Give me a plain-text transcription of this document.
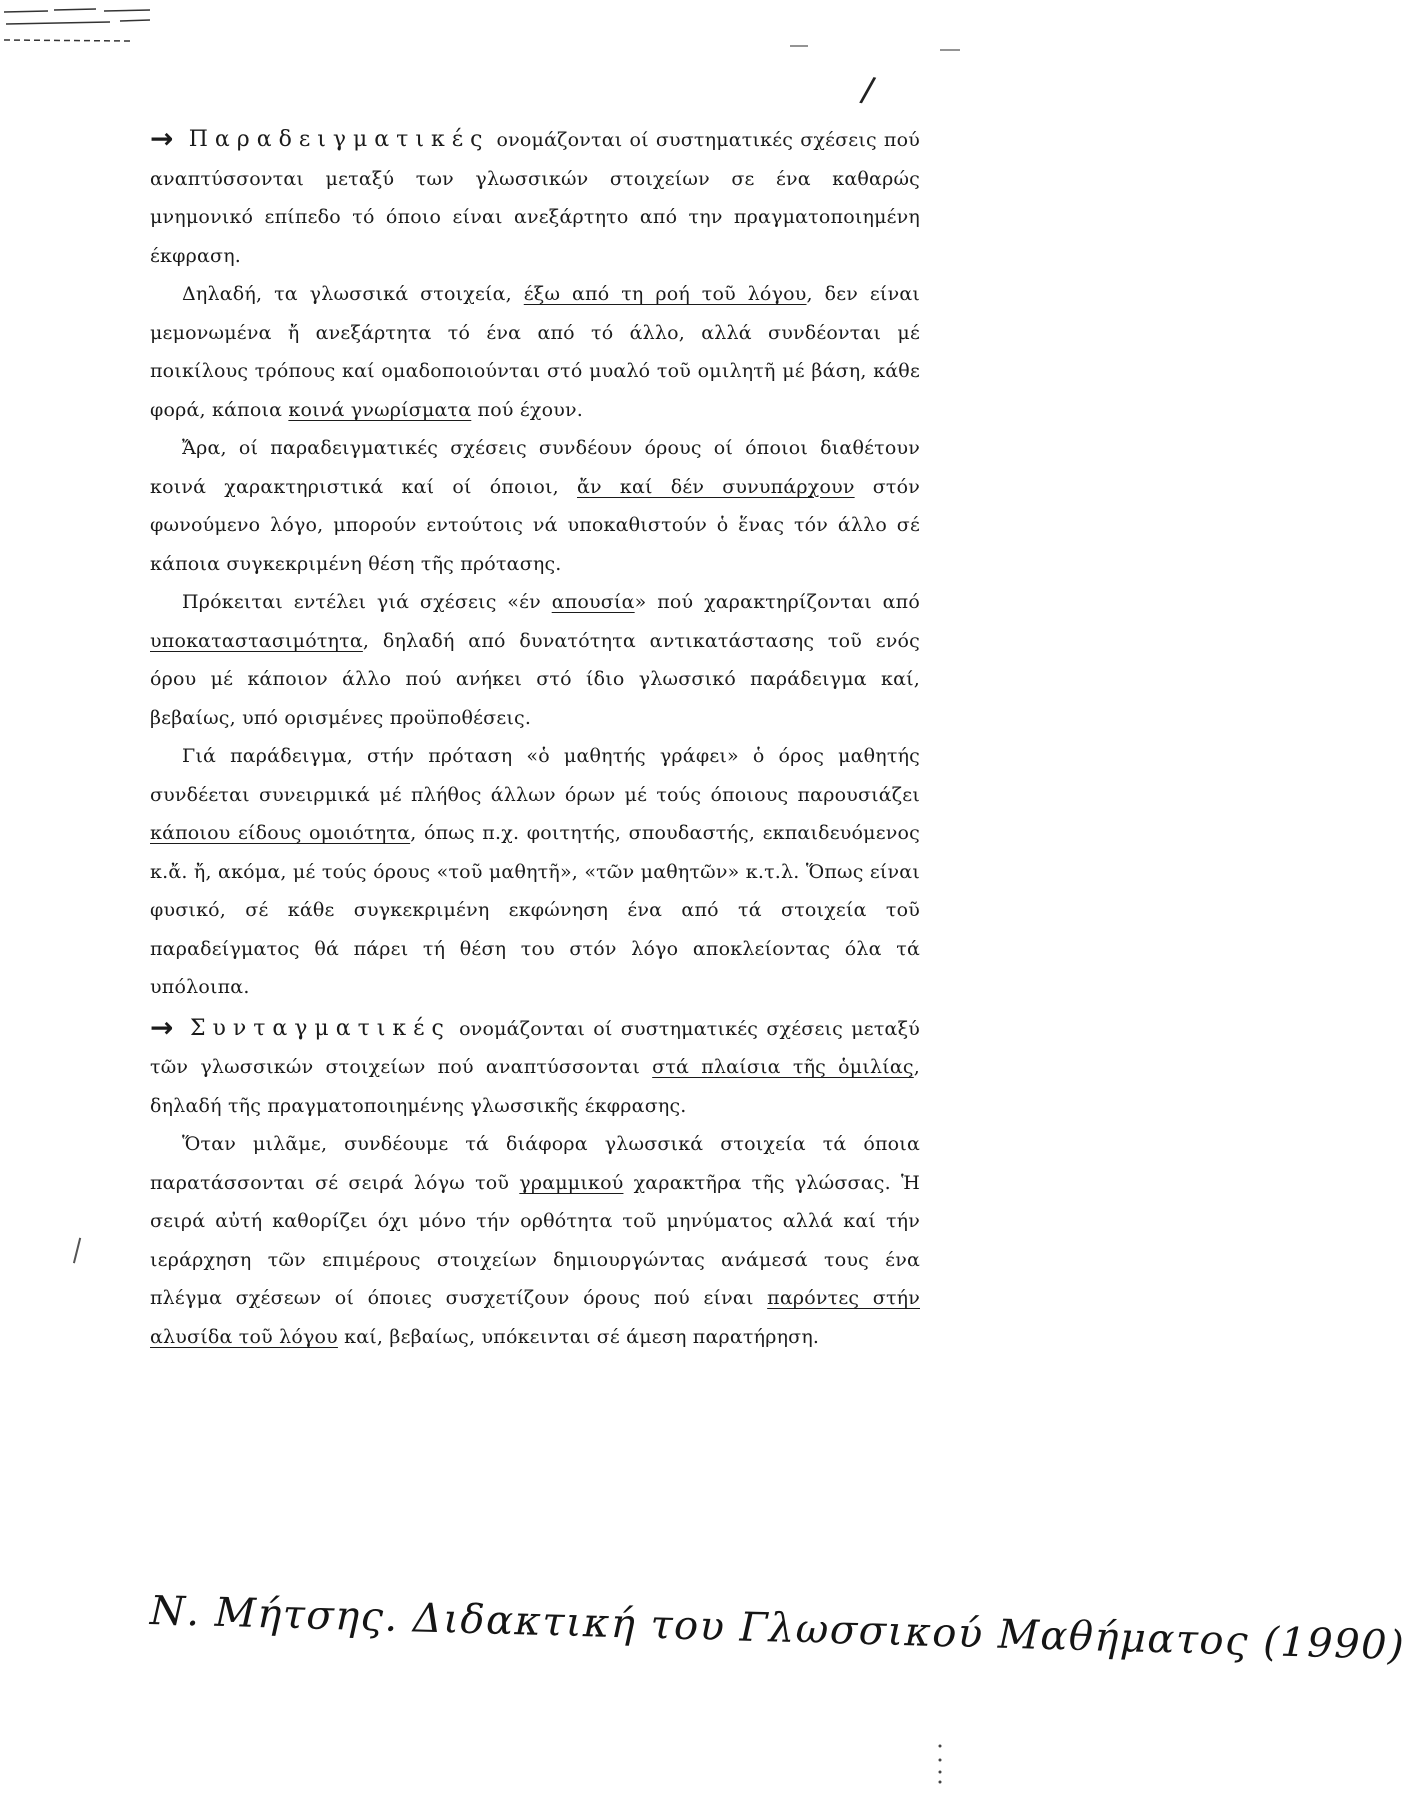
/

→ Παραδειγματικές ονομάζονται οί συστηματικές σχέσεις πού αναπτύσσονται μεταξύ των γλωσσικών στοιχείων σε ένα καθαρώς μνημονικό επίπεδο τό όποιο είναι ανεξάρτητο από την πραγματοποιημένη έκφραση.

Δηλαδή, τα γλωσσικά στοιχεία, έξω από τη ροή τοῦ λόγου, δεν είναι μεμονωμένα ἤ ανεξάρτητα τό ένα από τό άλλο, αλλά συνδέονται μέ ποικίλους τρόπους καί ομαδοποιούνται στό μυαλό τοῦ ομιλητῆ μέ βάση, κάθε φορά, κάποια κοινά γνωρίσματα πού έχουν.

Ἄρα, οί παραδειγματικές σχέσεις συνδέουν όρους οί όποιοι διαθέτουν κοινά χαρακτηριστικά καί οί όποιοι, ἄν καί δέν συνυπάρχουν στόν φωνούμενο λόγο, μπορούν εντούτοις νά υποκαθιστούν ὁ ἕνας τόν άλλο σέ κάποια συγκεκριμένη θέση τῆς πρότασης.

Πρόκειται εντέλει γιά σχέσεις «έν απουσία» πού χαρακτηρίζονται από υποκαταστασιμότητα, δηλαδή από δυνατότητα αντικατάστασης τοῦ ενός όρου μέ κάποιον άλλο πού ανήκει στό ίδιο γλωσσικό παράδειγμα καί, βεβαίως, υπό ορισμένες προϋποθέσεις.

Γιά παράδειγμα, στήν πρόταση «ὁ μαθητής γράφει» ὁ όρος μαθητής συνδέεται συνειρμικά μέ πλήθος άλλων όρων μέ τούς όποιους παρουσιάζει κάποιου είδους ομοιότητα, όπως π.χ. φοιτητής, σπουδαστής, εκπαιδευόμενος κ.ἄ. ἤ, ακόμα, μέ τούς όρους «τοῦ μαθητῆ», «τῶν μαθητῶν» κ.τ.λ. Ὅπως είναι φυσικό, σέ κάθε συγκεκριμένη εκφώνηση ένα από τά στοιχεία τοῦ παραδείγματος θά πάρει τή θέση του στόν λόγο αποκλείοντας όλα τά υπόλοιπα.

→ Συνταγματικές ονομάζονται οί συστηματικές σχέσεις μεταξύ τῶν γλωσσικών στοιχείων πού αναπτύσσονται στά πλαίσια τῆς ὁμιλίας, δηλαδή τῆς πραγματοποιημένης γλωσσικῆς έκφρασης.

Ὅταν μιλᾶμε, συνδέουμε τά διάφορα γλωσσικά στοιχεία τά όποια παρατάσσονται σέ σειρά λόγω τοῦ γραμμικού χαρακτῆρα τῆς γλώσσας. Ἡ σειρά αὐτή καθορίζει όχι μόνο τήν ορθότητα τοῦ μηνύματος αλλά καί τήν ιεράρχηση τῶν επιμέρους στοιχείων δημιουργώντας ανάμεσά τους ένα πλέγμα σχέσεων οί όποιες συσχετίζουν όρους πού είναι παρόντες στήν αλυσίδα τοῦ λόγου καί, βεβαίως, υπόκεινται σέ άμεση παρατήρηση.

Ν. Μήτσης. Διδακτική του Γλωσσικού Μαθήματος (1990)
